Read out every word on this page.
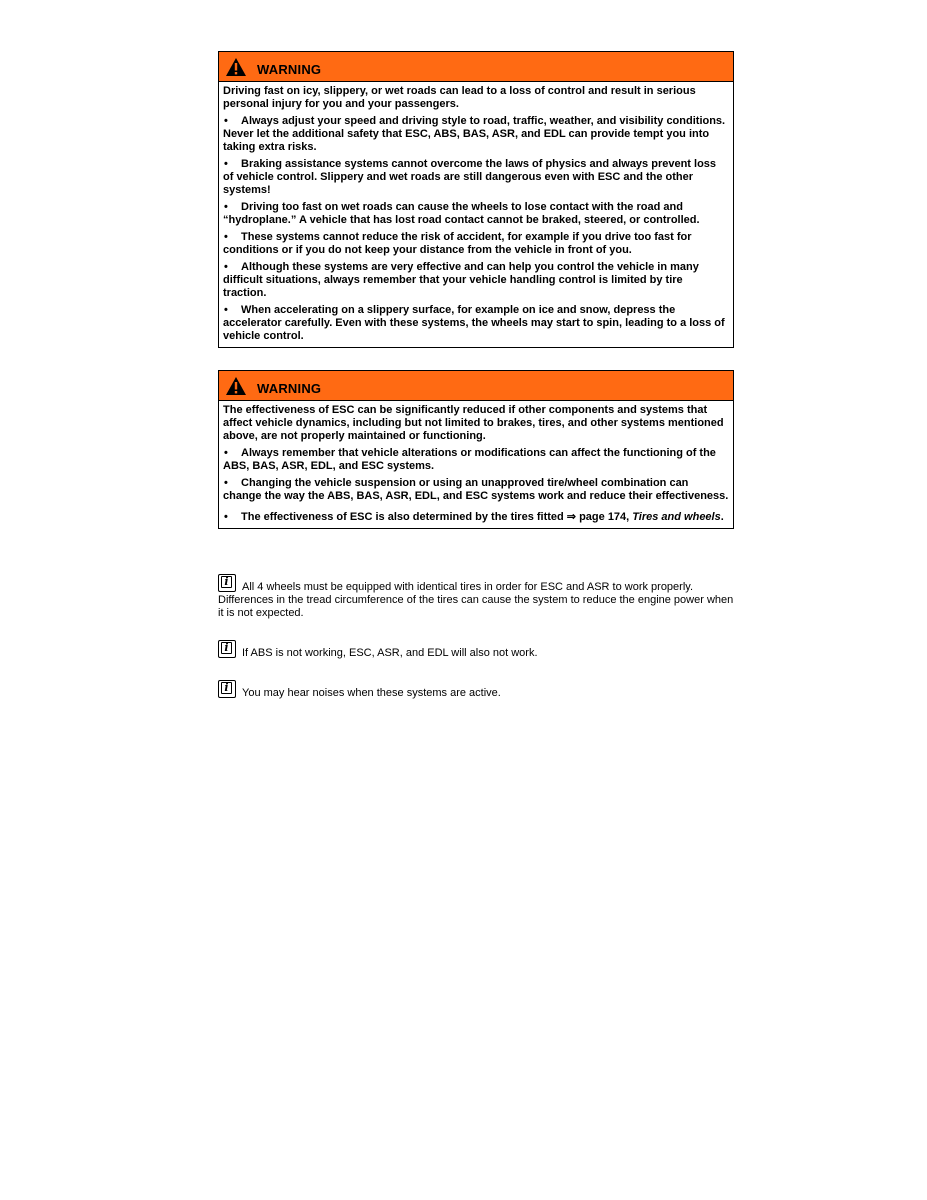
WARNING

Driving fast on icy, slippery, or wet roads can lead to a loss of control and result in serious personal injury for you and your passengers.

• Always adjust your speed and driving style to road, traffic, weather, and visibility conditions. Never let the additional safety that ESC, ABS, BAS, ASR, and EDL can provide tempt you into taking extra risks.

• Braking assistance systems cannot overcome the laws of physics and always prevent loss of vehicle control. Slippery and wet roads are still dangerous even with ESC and the other systems!

• Driving too fast on wet roads can cause the wheels to lose contact with the road and “hydroplane.” A vehicle that has lost road contact cannot be braked, steered, or controlled.

• These systems cannot reduce the risk of accident, for example if you drive too fast for conditions or if you do not keep your distance from the vehicle in front of you.

• Although these systems are very effective and can help you control the vehicle in many difficult situations, always remember that your vehicle handling control is limited by tire traction.

• When accelerating on a slippery surface, for example on ice and snow, depress the accelerator carefully. Even with these systems, the wheels may start to spin, leading to a loss of vehicle control.

WARNING

The effectiveness of ESC can be significantly reduced if other components and systems that affect vehicle dynamics, including but not limited to brakes, tires, and other systems mentioned above, are not properly maintained or functioning.

• Always remember that vehicle alterations or modifications can affect the functioning of the ABS, BAS, ASR, EDL, and ESC systems.

• Changing the vehicle suspension or using an unapproved tire/wheel combination can change the way the ABS, BAS, ASR, EDL, and ESC systems work and reduce their effectiveness.

• The effectiveness of ESC is also determined by the tires fitted ⇒ page 174, Tires and wheels.

i	All 4 wheels must be equipped with identical tires in order for ESC and ASR to work properly. Differences in the tread circumference of the tires can cause the system to reduce the engine power when it is not expected.
i	If ABS is not working, ESC, ASR, and EDL will also not work.
i	You may hear noises when these systems are active.
